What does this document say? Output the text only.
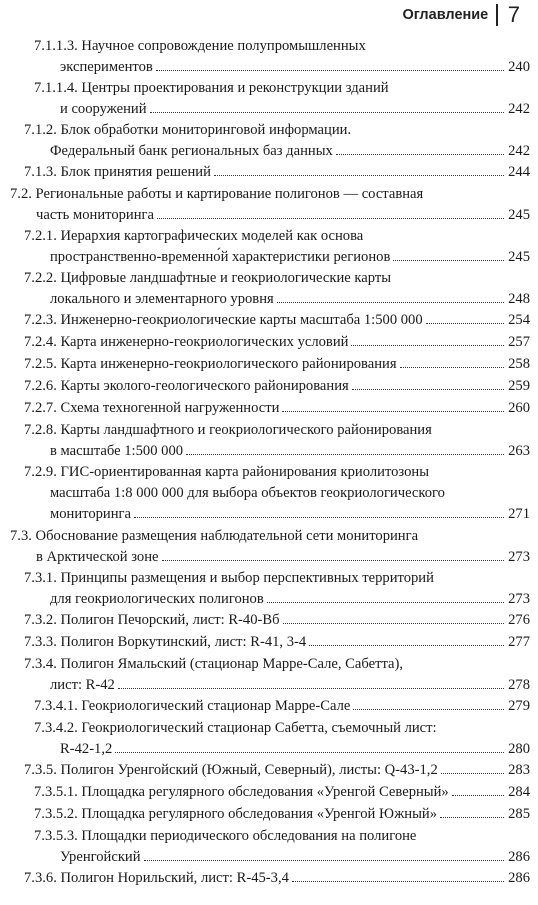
Оглавление 7
7.1.1.3. Научное сопровождение полупромышленных
экспериментов	240
7.1.1.4. Центры проектирования и реконструкции зданий
и сооружений	242
7.1.2. Блок обработки мониторинговой информации.
Федеральный банк региональных баз данных	242
7.1.3. Блок принятия решений	244
7.2. Региональные работы и картирование полигонов — составная
часть мониторинга	245
7.2.1. Иерархия картографических моделей как основа
пространственно-временно́й характеристики регионов	245
7.2.2. Цифровые ландшафтные и геокриологические карты
локального и элементарного уровня	248
7.2.3. Инженерно-геокриологические карты масштаба 1:500 000	254
7.2.4. Карта инженерно-геокриологических условий	257
7.2.5. Карта инженерно-геокриологического районирования	258
7.2.6. Карты эколого-геологического районирования	259
7.2.7. Схема техногенной нагруженности	260
7.2.8. Карты ландшафтного и геокриологического районирования
в масштабе 1:500 000	263
7.2.9. ГИС-ориентированная карта районирования криолитозоны
масштаба 1:8 000 000 для выбора объектов геокриологического
мониторинга	271
7.3. Обоснование размещения наблюдательной сети мониторинга
в Арктической зоне	273
7.3.1. Принципы размещения и выбор перспективных территорий
для геокриологических полигонов	273
7.3.2. Полигон Печорский, лист: R-40-Вб	276
7.3.3. Полигон Воркутинский, лист: R-41, 3-4	277
7.3.4. Полигон Ямальский (стационар Марре-Сале, Сабетта),
лист: R-42	278
7.3.4.1. Геокриологический стационар Марре-Сале	279
7.3.4.2. Геокриологический стационар Сабетта, съемочный лист:
R-42-1,2	280
7.3.5. Полигон Уренгойский (Южный, Северный), листы: Q-43-1,2	283
7.3.5.1. Площадка регулярного обследования «Уренгой Северный»	284
7.3.5.2. Площадка регулярного обследования «Уренгой Южный»	285
7.3.5.3. Площадки периодического обследования на полигоне
Уренгойский	286
7.3.6. Полигон Норильский, лист: R-45-3,4	286
